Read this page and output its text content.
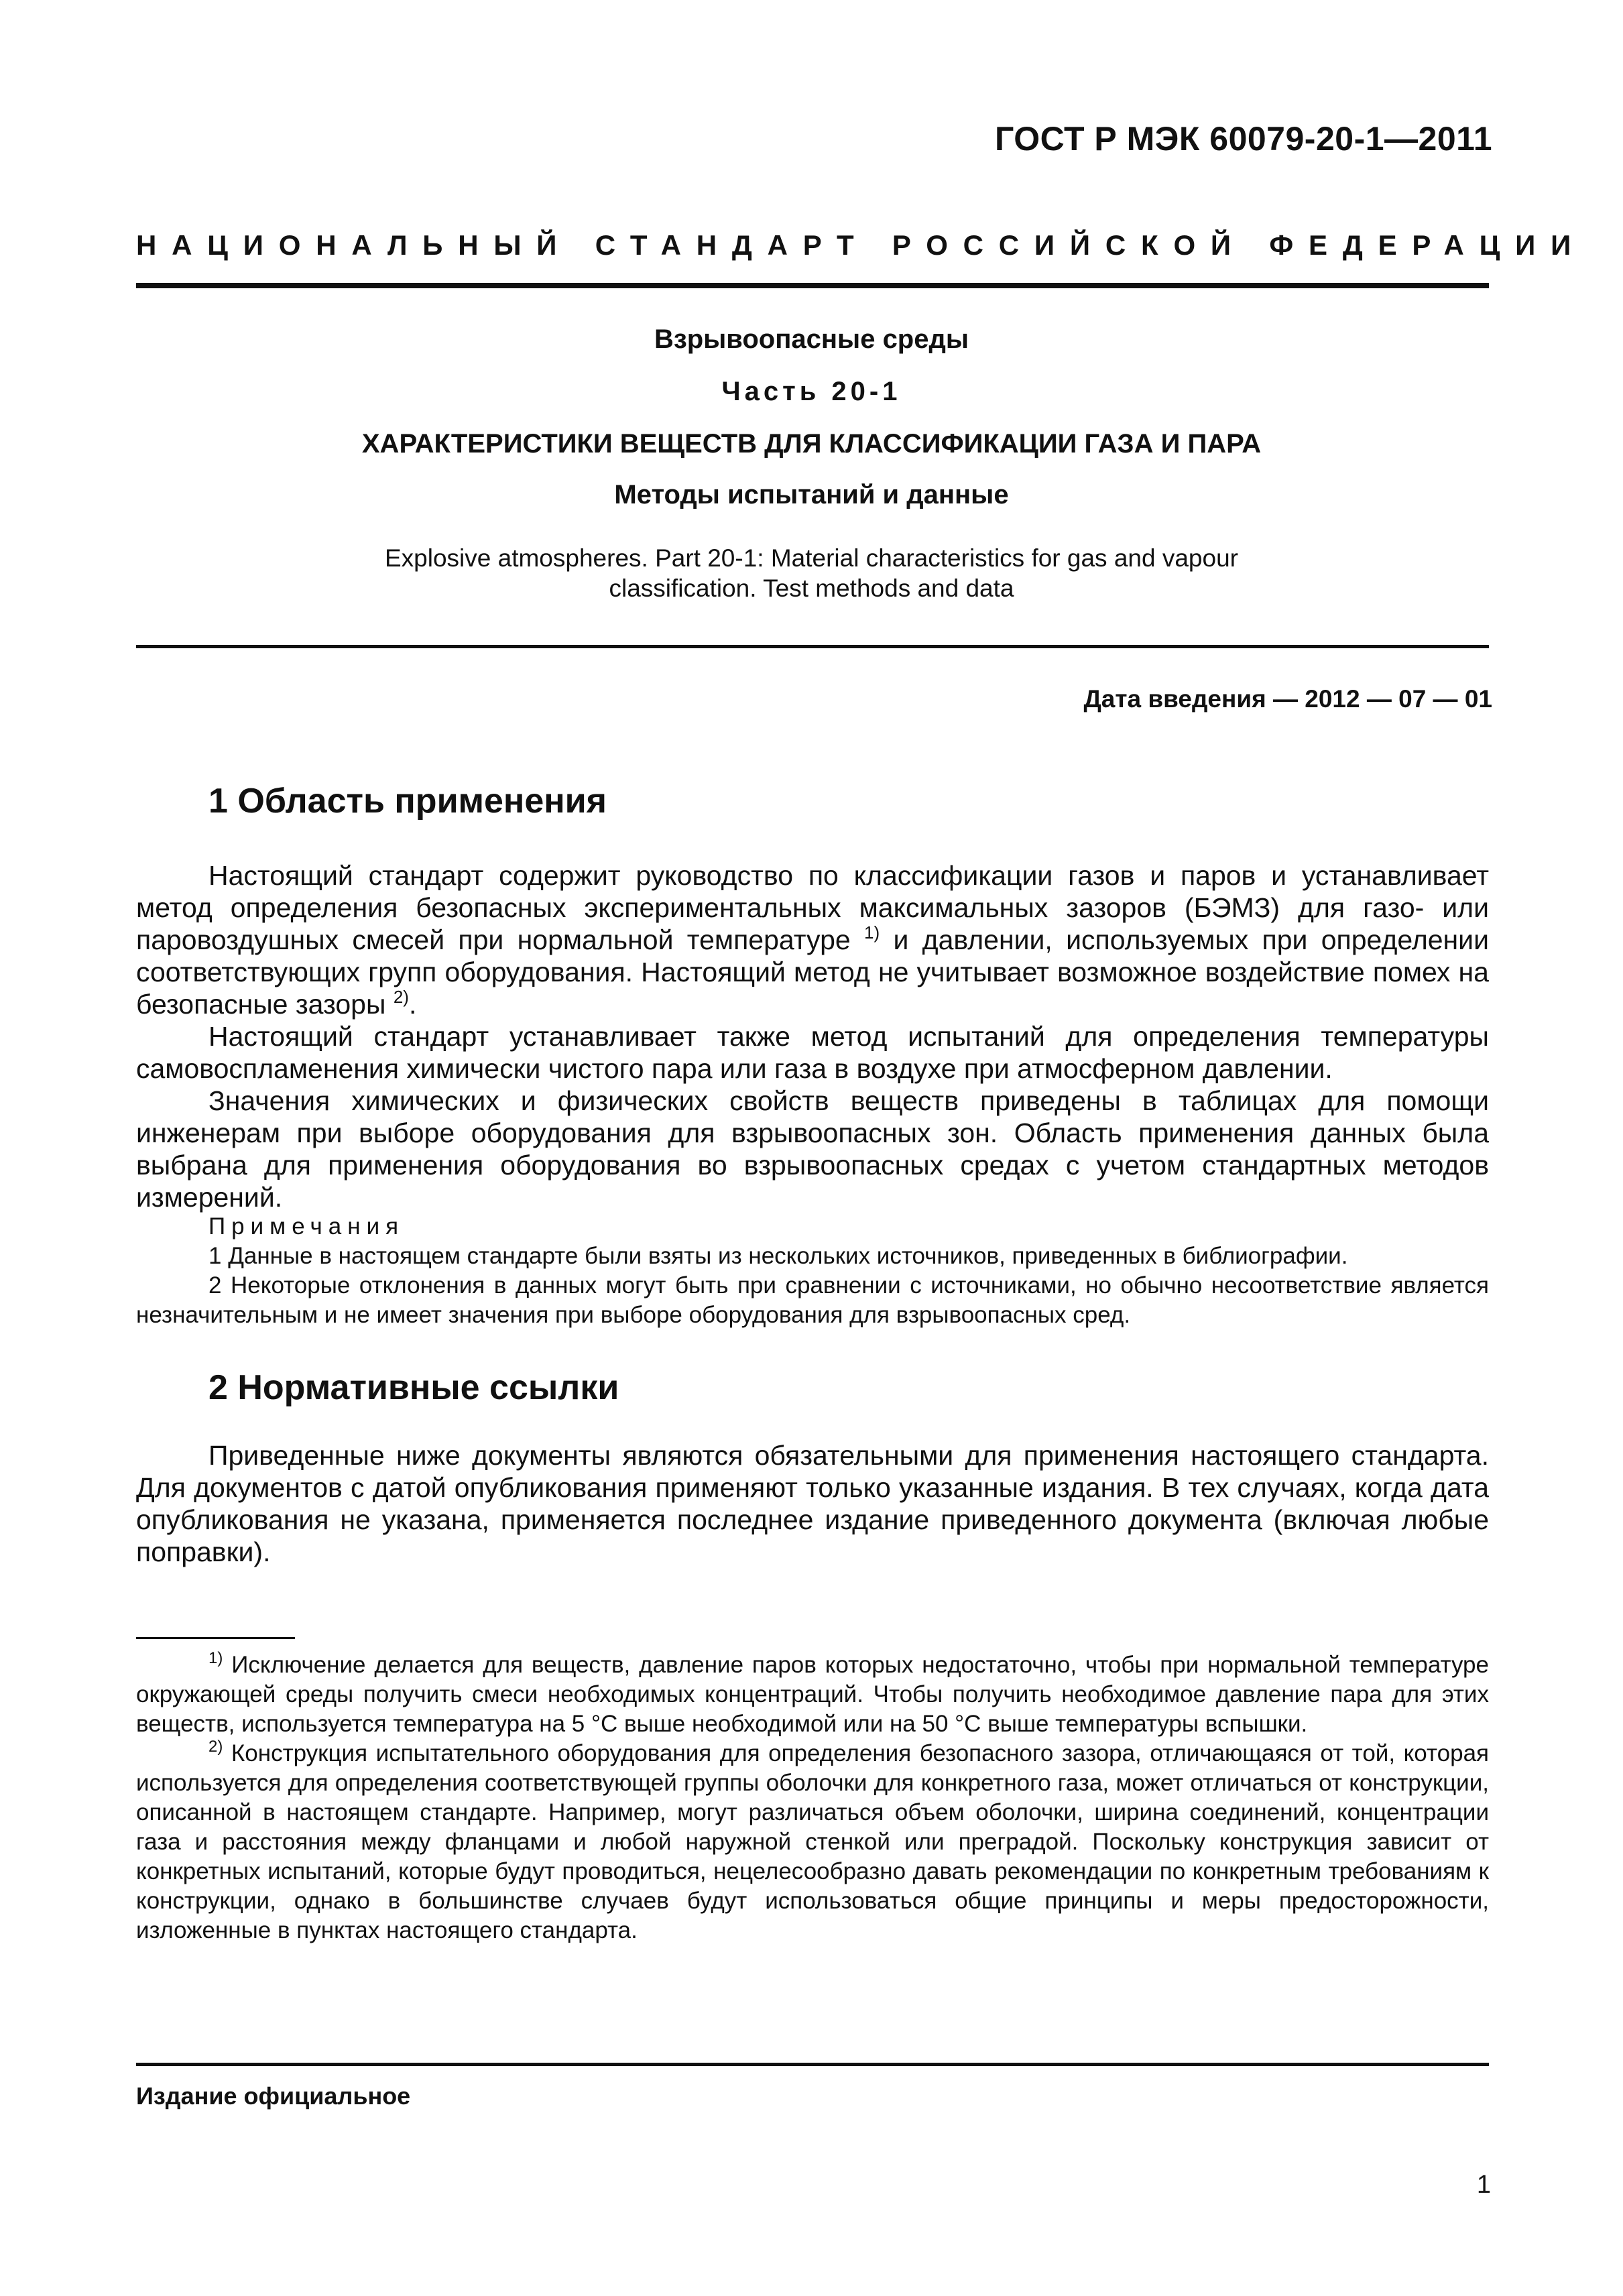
ГОСТ Р МЭК 60079-20-1—2011
НАЦИОНАЛЬНЫЙ СТАНДАРТ РОССИЙСКОЙ ФЕДЕРАЦИИ
Взрывоопасные среды
Часть 20-1
ХАРАКТЕРИСТИКИ ВЕЩЕСТВ ДЛЯ КЛАССИФИКАЦИИ ГАЗА И ПАРА
Методы испытаний и данные
Explosive atmospheres. Part 20-1: Material characteristics for gas and vapour
classification. Test methods and data
Дата введения — 2012 — 07 — 01
1 Область применения

Настоящий стандарт содержит руководство по классификации газов и паров и устанавливает метод определения безопасных экспериментальных максимальных зазоров (БЭМЗ) для газо- или паровоздушных смесей при нормальной температуре $^{1)}$ и давлении, используемых при определении соответствующих групп оборудования. Настоящий метод не учитывает возможное воздействие помех на безопасные зазоры $^{2)}$.

Настоящий стандарт устанавливает также метод испытаний для определения температуры самовоспламенения химически чистого пара или газа в воздухе при атмосферном давлении.

Значения химических и физических свойств веществ приведены в таблицах для помощи инженерам при выборе оборудования для взрывоопасных зон. Область применения данных была выбрана для применения оборудования во взрывоопасных средах с учетом стандартных методов измерений.

Примечания

1 Данные в настоящем стандарте были взяты из нескольких источников, приведенных в библиографии.

2 Некоторые отклонения в данных могут быть при сравнении с источниками, но обычно несоответствие является незначительным и не имеет значения при выборе оборудования для взрывоопасных сред.

2 Нормативные ссылки

Приведенные ниже документы являются обязательными для применения настоящего стандарта. Для документов с датой опубликования применяют только указанные издания. В тех случаях, когда дата опубликования не указана, применяется последнее издание приведенного документа (включая любые поправки).

$^{1)}$ Исключение делается для веществ, давление паров которых недостаточно, чтобы при нормальной температуре окружающей среды получить смеси необходимых концентраций. Чтобы получить необходимое давление пара для этих веществ, используется температура на 5 °С выше необходимой или на 50 °С выше температуры вспышки.

$^{2)}$ Конструкция испытательного оборудования для определения безопасного зазора, отличающаяся от той, которая используется для определения соответствующей группы оболочки для конкретного газа, может отличаться от конструкции, описанной в настоящем стандарте. Например, могут различаться объем оболочки, ширина соединений, концентрации газа и расстояния между фланцами и любой наружной стенкой или преградой. Поскольку конструкция зависит от конкретных испытаний, которые будут проводиться, нецелесообразно давать рекомендации по конкретным требованиям к конструкции, однако в большинстве случаев будут использоваться общие принципы и меры предосторожности, изложенные в пунктах настоящего стандарта.

Издание официальное
1
